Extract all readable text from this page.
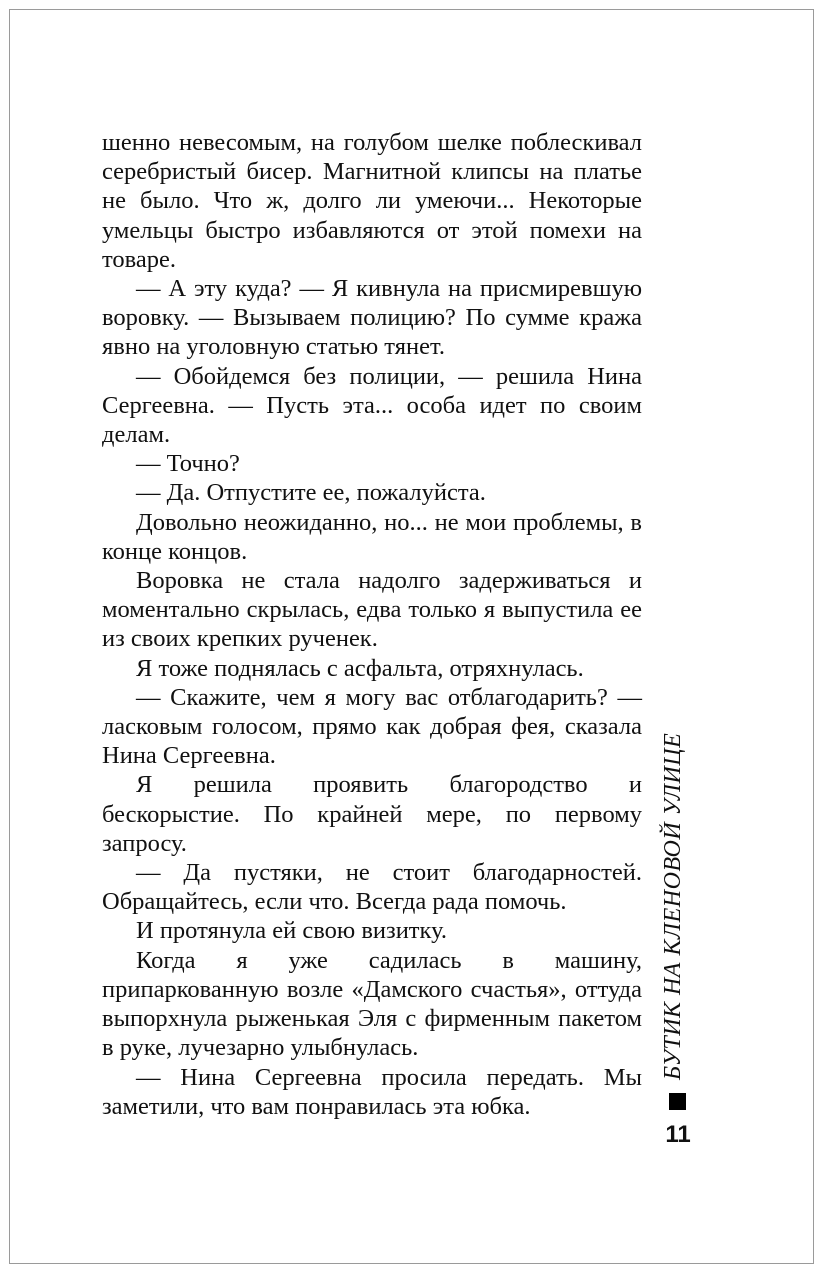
шенно невесомым, на голубом шелке поблескивал серебристый бисер. Магнитной клипсы на платье не было. Что ж, долго ли умеючи... Некоторые умельцы быстро избавляются от этой помехи на товаре.

— А эту куда? — Я кивнула на присмиревшую воровку. — Вызываем полицию? По сумме кража явно на уголовную статью тянет.

— Обойдемся без полиции, — решила Нина Сергеевна. — Пусть эта... особа идет по своим делам.

— Точно?

— Да. Отпустите ее, пожалуйста.

Довольно неожиданно, но... не мои проблемы, в конце концов.

Воровка не стала надолго задерживаться и моментально скрылась, едва только я выпустила ее из своих крепких рученек.

Я тоже поднялась с асфальта, отряхнулась.

— Скажите, чем я могу вас отблагодарить? — ласковым голосом, прямо как добрая фея, сказала Нина Сергеевна.

Я решила проявить благородство и бескорыстие. По крайней мере, по первому запросу.

— Да пустяки, не стоит благодарностей. Обращайтесь, если что. Всегда рада помочь.

И протянула ей свою визитку.

Когда я уже садилась в машину, припаркованную возле «Дамского счастья», оттуда выпорхнула рыженькая Эля с фирменным пакетом в руке, лучезарно улыбнулась.

— Нина Сергеевна просила передать. Мы заметили, что вам понравилась эта юбка.

БУТИК НА КЛЕНОВОЙ УЛИЦЕ
11
